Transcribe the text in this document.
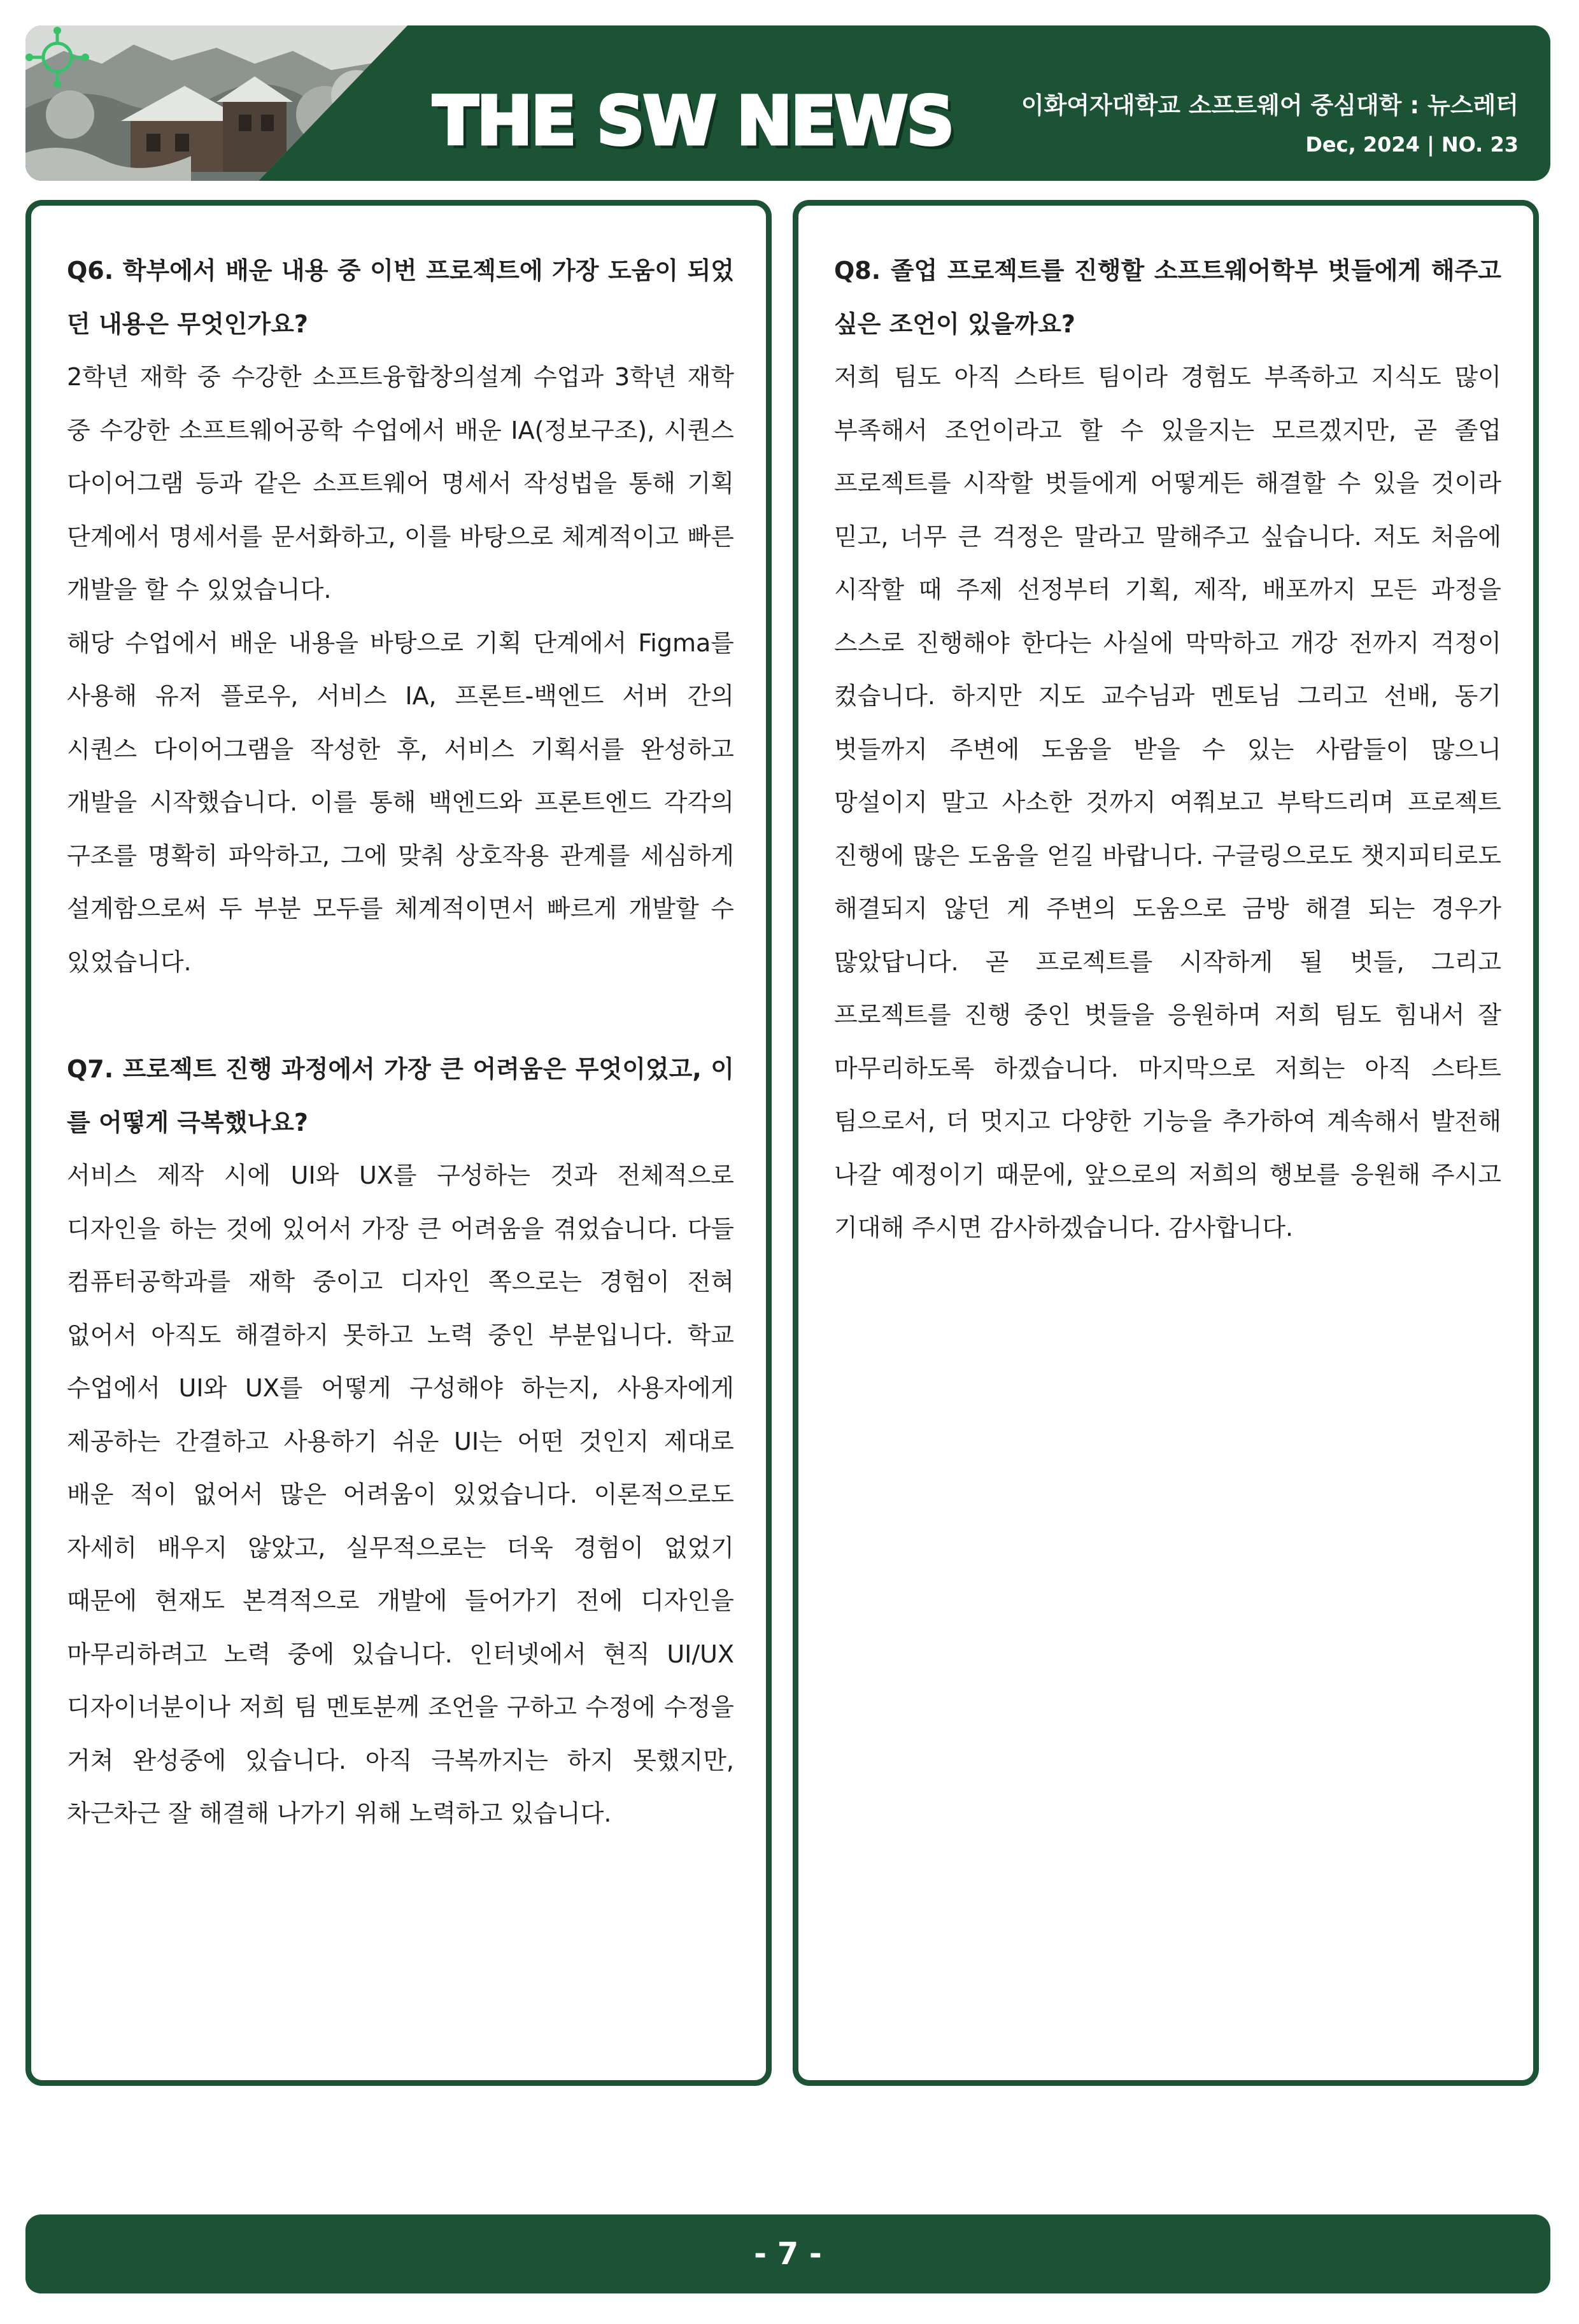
THE SW NEWS	이화여자대학교 소프트웨어 중심대학 : 뉴스레터
Dec, 2024 | NO. 23

Q6. 학부에서 배운 내용 중 이번 프로젝트에 가장 도움이 되었던 내용은 무엇인가요?

2학년 재학 중 수강한 소프트융합창의설계 수업과 3학년 재학 중 수강한 소프트웨어공학 수업에서 배운 IA(정보구조), 시퀀스 다이어그램 등과 같은 소프트웨어 명세서 작성법을 통해 기획 단계에서 명세서를 문서화하고, 이를 바탕으로 체계적이고 빠른 개발을 할 수 있었습니다.

해당 수업에서 배운 내용을 바탕으로 기획 단계에서 Figma를 사용해 유저 플로우, 서비스 IA, 프론트-백엔드 서버 간의 시퀀스 다이어그램을 작성한 후, 서비스 기획서를 완성하고 개발을 시작했습니다. 이를 통해 백엔드와 프론트엔드 각각의 구조를 명확히 파악하고, 그에 맞춰 상호작용 관계를 세심하게 설계함으로써 두 부분 모두를 체계적이면서 빠르게 개발할 수 있었습니다.

Q7. 프로젝트 진행 과정에서 가장 큰 어려움은 무엇이었고, 이를 어떻게 극복했나요?

서비스 제작 시에 UI와 UX를 구성하는 것과 전체적으로 디자인을 하는 것에 있어서 가장 큰 어려움을 겪었습니다. 다들 컴퓨터공학과를 재학 중이고 디자인 쪽으로는 경험이 전혀 없어서 아직도 해결하지 못하고 노력 중인 부분입니다. 학교 수업에서 UI와 UX를 어떻게 구성해야 하는지, 사용자에게 제공하는 간결하고 사용하기 쉬운 UI는 어떤 것인지 제대로 배운 적이 없어서 많은 어려움이 있었습니다. 이론적으로도 자세히 배우지 않았고, 실무적으로는 더욱 경험이 없었기 때문에 현재도 본격적으로 개발에 들어가기 전에 디자인을 마무리하려고 노력 중에 있습니다. 인터넷에서 현직 UI/UX 디자이너분이나 저희 팀 멘토분께 조언을 구하고 수정에 수정을 거쳐 완성중에 있습니다. 아직 극복까지는 하지 못했지만, 차근차근 잘 해결해 나가기 위해 노력하고 있습니다.

Q8. 졸업 프로젝트를 진행할 소프트웨어학부 벗들에게 해주고 싶은 조언이 있을까요?

저희 팀도 아직 스타트 팀이라 경험도 부족하고 지식도 많이 부족해서 조언이라고 할 수 있을지는 모르겠지만, 곧 졸업 프로젝트를 시작할 벗들에게 어떻게든 해결할 수 있을 것이라 믿고, 너무 큰 걱정은 말라고 말해주고 싶습니다. 저도 처음에 시작할 때 주제 선정부터 기획, 제작, 배포까지 모든 과정을 스스로 진행해야 한다는 사실에 막막하고 개강 전까지 걱정이 컸습니다. 하지만 지도 교수님과 멘토님 그리고 선배, 동기 벗들까지 주변에 도움을 받을 수 있는 사람들이 많으니 망설이지 말고 사소한 것까지 여쭤보고 부탁드리며 프로젝트 진행에 많은 도움을 얻길 바랍니다. 구글링으로도 챗지피티로도 해결되지 않던 게 주변의 도움으로 금방 해결 되는 경우가 많았답니다. 곧 프로젝트를 시작하게 될 벗들, 그리고 프로젝트를 진행 중인 벗들을 응원하며 저희 팀도 힘내서 잘 마무리하도록 하겠습니다. 마지막으로 저희는 아직 스타트 팀으로서, 더 멋지고 다양한 기능을 추가하여 계속해서 발전해 나갈 예정이기 때문에, 앞으로의 저희의 행보를 응원해 주시고 기대해 주시면 감사하겠습니다. 감사합니다.

- 7 -
